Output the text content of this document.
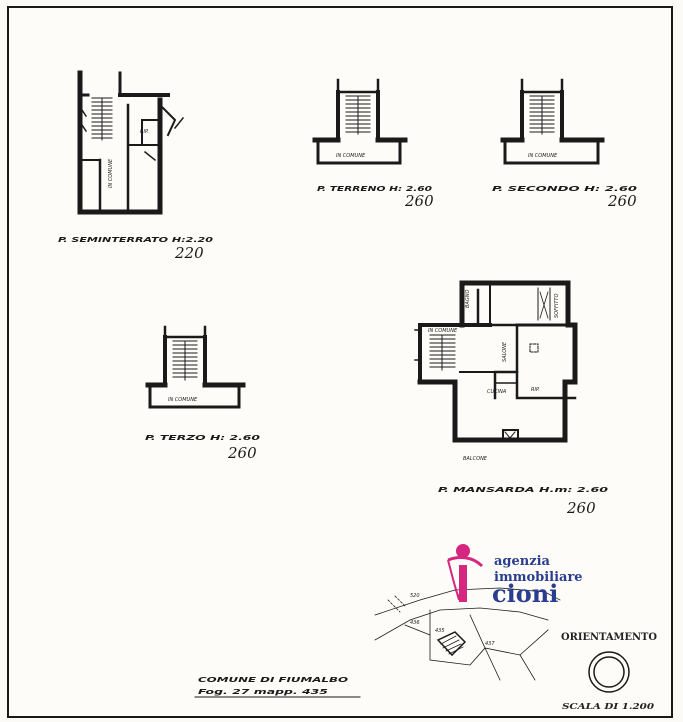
IN COMUNE
RIP.
P. SEMINTERRATO H:2.20
220
IN COMUNE
P. TERRENO H: 2.60
260
IN COMUNE
P. SECONDO H: 2.60
260
IN COMUNE
P. TERZO H: 2.60
260
IN COMUNE
BAGNO	SOFFITTO
SALONE
CUCINA	RIP.
BALCONE
P. MANSARDA H.m: 2.60
260
520
436
435
437
COMUNE DI FIUMALBO
Fog. 27 mapp. 435
ORIENTAMENTO
SCALA DI 1.200
agenzia
immobiliare
cioni
